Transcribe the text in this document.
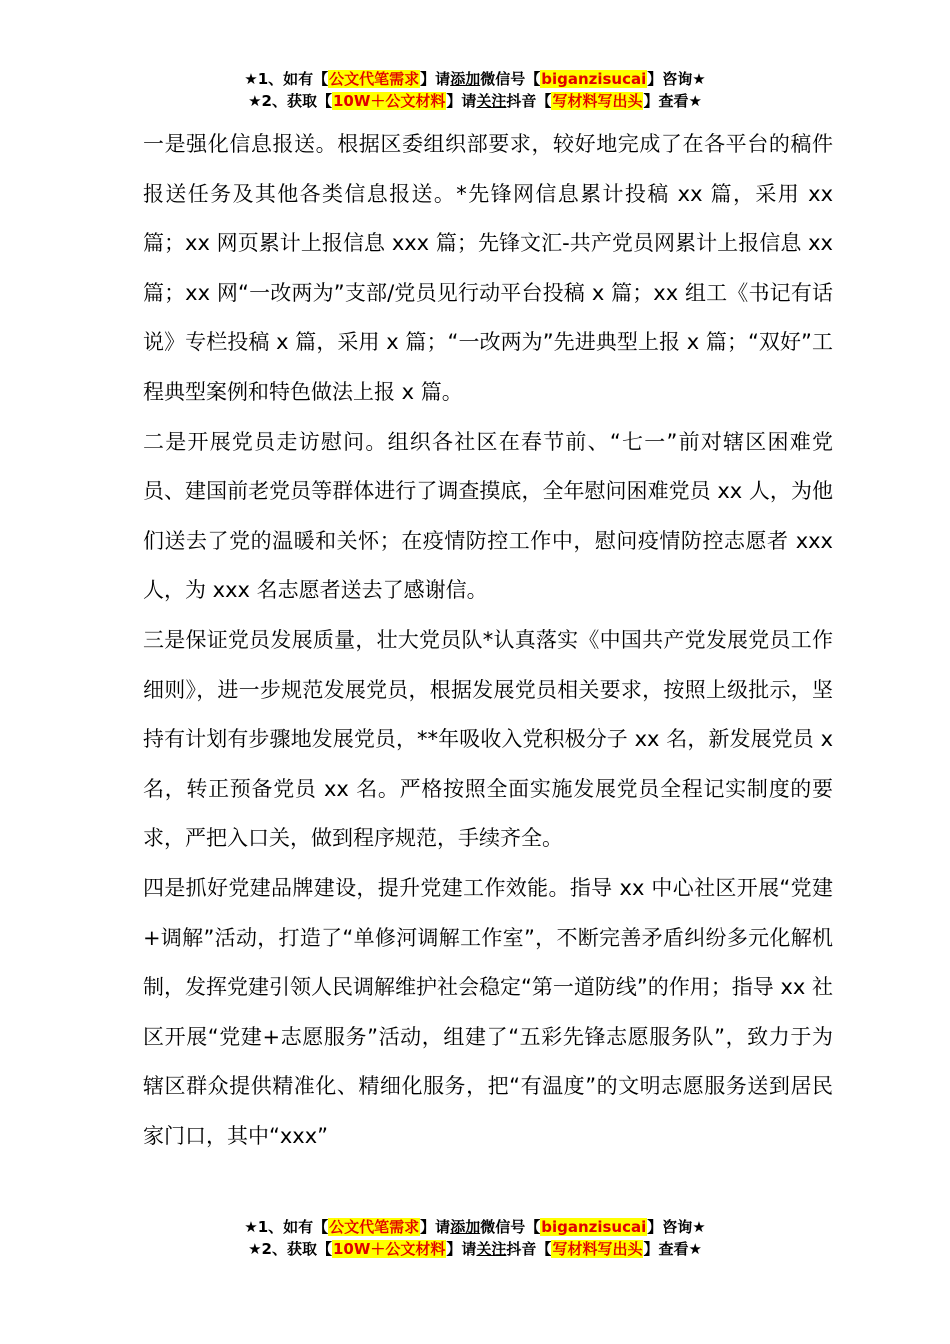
★1、如有【公文代笔需求】请添加微信号【biganzisucai】咨询★
★2、获取【10W＋公文材料】请关注抖音【写材料写出头】查看★

一是强化信息报送。根据区委组织部要求，较好地完成了在各平台的稿件报送任务及其他各类信息报送。*先锋网信息累计投稿 xx 篇，采用 xx 篇；xx 网页累计上报信息 xxx 篇；先锋文汇-共产党员网累计上报信息 xx 篇；xx 网“一改两为”支部/党员见行动平台投稿 x 篇；xx 组工《书记有话说》专栏投稿 x 篇，采用 x 篇；“一改两为”先进典型上报 x 篇；“双好”工程典型案例和特色做法上报 x 篇。

二是开展党员走访慰问。组织各社区在春节前、“七一”前对辖区困难党员、建国前老党员等群体进行了调查摸底，全年慰问困难党员 xx 人，为他们送去了党的温暖和关怀；在疫情防控工作中，慰问疫情防控志愿者 xxx 人，为 xxx 名志愿者送去了感谢信。

三是保证党员发展质量，壮大党员队*认真落实《中国共产党发展党员工作细则》，进一步规范发展党员，根据发展党员相关要求，按照上级批示，坚持有计划有步骤地发展党员，**年吸收入党积极分子 xx 名，新发展党员 x 名，转正预备党员 xx 名。严格按照全面实施发展党员全程记实制度的要求，严把入口关，做到程序规范，手续齐全。

四是抓好党建品牌建设，提升党建工作效能。指导 xx 中心社区开展“党建+调解”活动，打造了“单修河调解工作室”，不断完善矛盾纠纷多元化解机制，发挥党建引领人民调解维护社会稳定“第一道防线”的作用；指导 xx 社区开展“党建+志愿服务”活动，组建了“五彩先锋志愿服务队”，致力于为辖区群众提供精准化、精细化服务，把“有温度”的文明志愿服务送到居民家门口，其中“xxx”

★1、如有【公文代笔需求】请添加微信号【biganzisucai】咨询★
★2、获取【10W＋公文材料】请关注抖音【写材料写出头】查看★
